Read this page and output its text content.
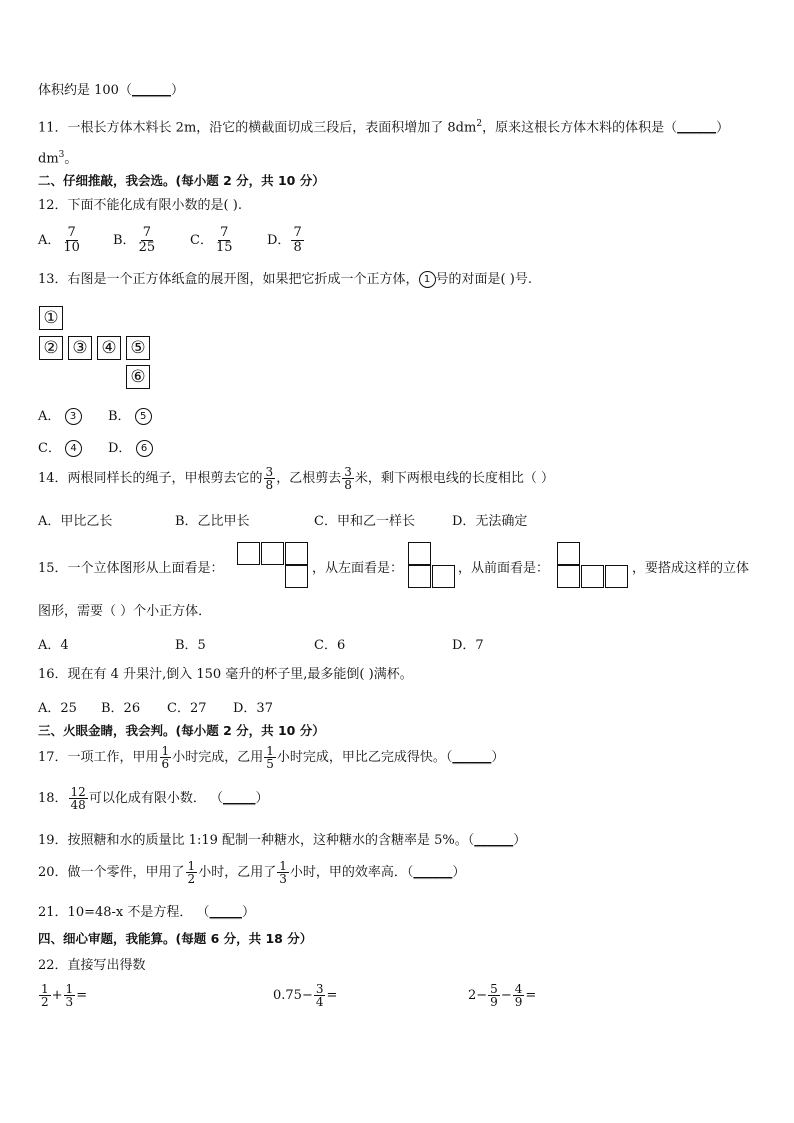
体积约是 100（______）
11．一根长方体木料长 2m，沿它的横截面切成三段后，表面积增加了 $8dm^2$，原来这根长方体木料的体积是（______）
$dm^3$。
二、仔细推敲，我会选。(每小题 2 分，共 10 分）
12．下面不能化成有限小数的是( ).
A． $\frac{7}{10}$ B． $\frac{7}{25}$	C． $\frac{7}{15}$	D． $\frac{7}{8}$
13．右图是一个正方体纸盒的展开图，如果把它折成一个正方体， 1 号的对面是( )号.
①
② ③ ④ ⑤
⑥
A． 3	B． 5
C． 4	D． 6
14．两根同样长的绳子，甲根剪去它的 $\frac{3}{8}$ ，乙根剪去 $\frac{3}{8}$ 米，剩下两根电线的长度相比（ ）
A．甲比乙长	B．乙比甲长	C．甲和乙一样长	D．无法确定
15．一个立体图形从上面看是：	，从左面看是：	，从前面看是：	，要搭成这样的立体
图形，需要（ ）个小正方体．
A．4	B．5	C．6	D．7
16．现在有 4 升果汁,倒入 150 毫升的杯子里,最多能倒( )满杯。
A．25 B．26 C．27 D．37
三、火眼金睛，我会判。(每小题 2 分，共 10 分）
17．一项工作，甲用 $\frac{1}{6}$ 小时完成，乙用 $\frac{1}{5}$ 小时完成，甲比乙完成得快。（______）
18． $\frac{12}{48}$ 可以化成有限小数． （_____）
19．按照糖和水的质量比 1:19 配制一种糖水，这种糖水的含糖率是 5%。（______）
20．做一个零件，甲用了 $\frac{1}{2}$ 小时，乙用了 $\frac{1}{3}$ 小时，甲的效率高．（______）
21．10=48-x 不是方程． （_____）
四、细心审题，我能算。(每题 6 分，共 18 分）
22．直接写出得数
$\frac{1}{2} + \frac{1}{3}$ =	$0.75- \frac{3}{4}$ =	$2- \frac{5}{9} - \frac{4}{9}$ =
